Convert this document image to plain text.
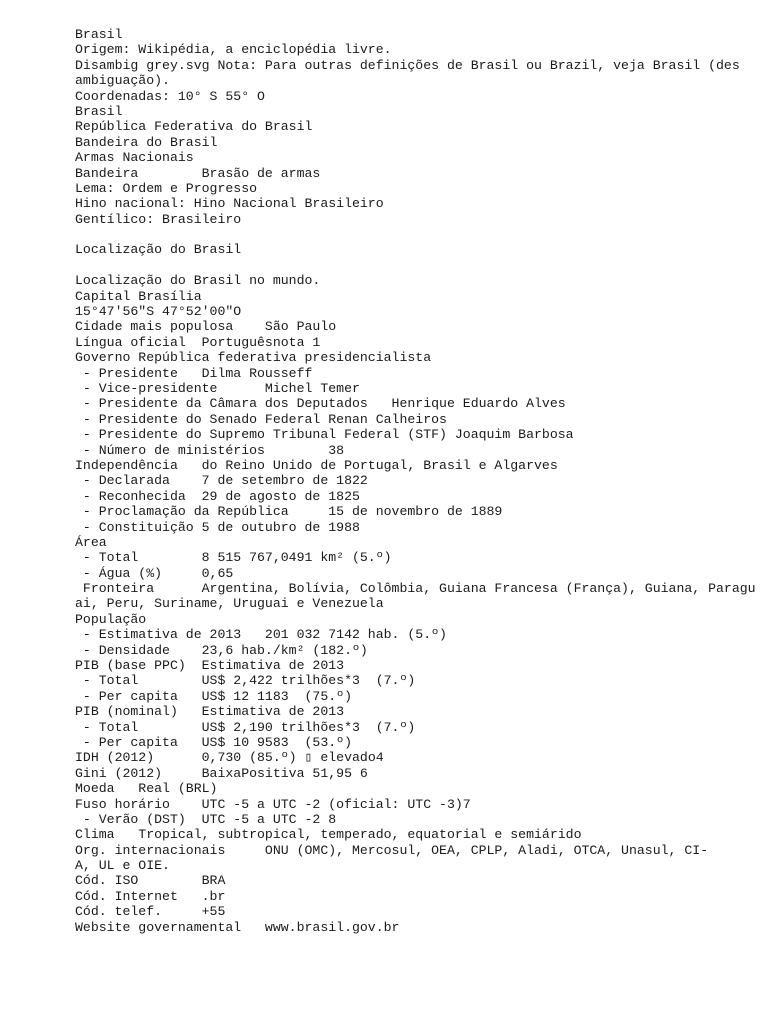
Brasil
Origem: Wikipédia, a enciclopédia livre.
Disambig grey.svg Nota: Para outras definições de Brasil ou Brazil, veja Brasil (des
ambiguação).
Coordenadas: 10° S 55° O
Brasil
República Federativa do Brasil
Bandeira do Brasil
Armas Nacionais
Bandeira        Brasão de armas
Lema: Ordem e Progresso
Hino nacional: Hino Nacional Brasileiro
Gentílico: Brasileiro
Localização do Brasil
Localização do Brasil no mundo.
Capital Brasília
15°47'56"S 47°52'00"O
Cidade mais populosa    São Paulo
Língua oficial  Portuguêsnota 1
Governo República federativa presidencialista
- Presidente   Dilma Rousseff
- Vice-presidente      Michel Temer
- Presidente da Câmara dos Deputados   Henrique Eduardo Alves
- Presidente do Senado Federal Renan Calheiros
- Presidente do Supremo Tribunal Federal (STF) Joaquim Barbosa
- Número de ministérios        38
Independência   do Reino Unido de Portugal, Brasil e Algarves
- Declarada    7 de setembro de 1822
- Reconhecida  29 de agosto de 1825
- Proclamação da República     15 de novembro de 1889
- Constituição 5 de outubro de 1988
Área
- Total        8 515 767,0491 km² (5.º)
- Água (%)     0,65
Fronteira      Argentina, Bolívia, Colômbia, Guiana Francesa (França), Guiana, Paragu
ai, Peru, Suriname, Uruguai e Venezuela
População
- Estimativa de 2013   201 032 7142 hab. (5.º)
- Densidade    23,6 hab./km² (182.º)
PIB (base PPC)  Estimativa de 2013
- Total        US$ 2,422 trilhões*3  (7.º)
- Per capita   US$ 12 1183  (75.º)
PIB (nominal)   Estimativa de 2013
- Total        US$ 2,190 trilhões*3  (7.º)
- Per capita   US$ 10 9583  (53.º)
IDH (2012)      0,730 (85.º) ▯ elevado4
Gini (2012)     BaixaPositiva 51,95 6
Moeda   Real (BRL)
Fuso horário    UTC -5 a UTC -2 (oficial: UTC -3)7
- Verão (DST)  UTC -5 a UTC -2 8
Clima   Tropical, subtropical, temperado, equatorial e semiárido
Org. internacionais     ONU (OMC), Mercosul, OEA, CPLP, Aladi, OTCA, Unasul, CI-
A, UL e OIE.
Cód. ISO        BRA
Cód. Internet   .br
Cód. telef.     +55
Website governamental   www.brasil.gov.br
